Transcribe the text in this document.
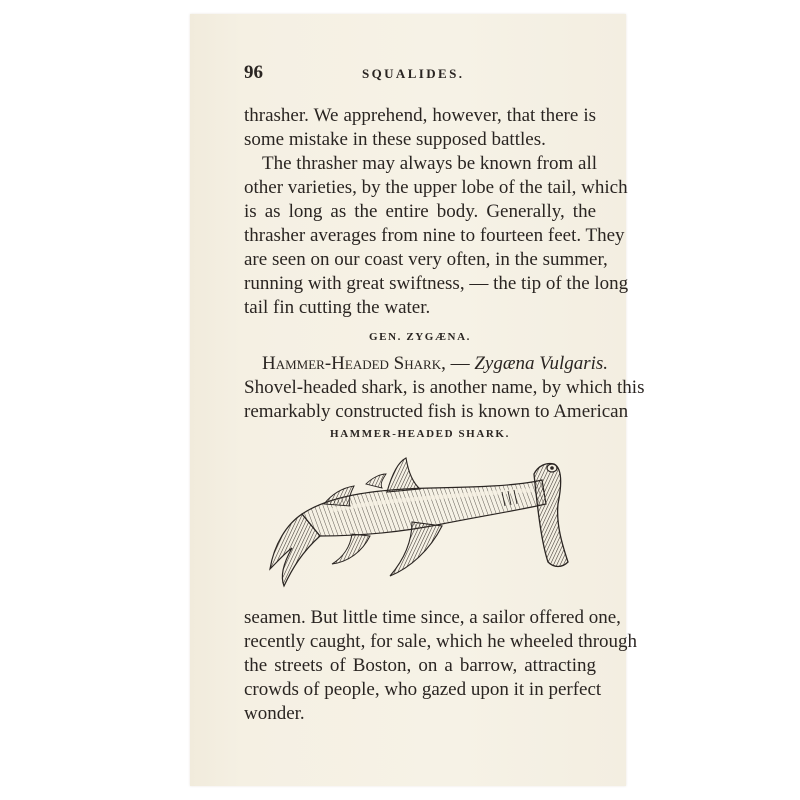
96	SQUALIDES.
thrasher. We apprehend, however, that there is
some mistake in these supposed battles.
The thrasher may always be known from all
other varieties, by the upper lobe of the tail, which
is as long as the entire body. Generally, the
thrasher averages from nine to fourteen feet. They
are seen on our coast very often, in the summer,
running with great swiftness, — the tip of the long
tail fin cutting the water.
GEN. ZYGÆNA.
Hammer-Headed Shark, — Zygæna Vulgaris.
Shovel-headed shark, is another name, by which this
remarkably constructed fish is known to American
HAMMER-HEADED SHARK.
seamen. But little time since, a sailor offered one,
recently caught, for sale, which he wheeled through
the streets of Boston, on a barrow, attracting
crowds of people, who gazed upon it in perfect
wonder.
